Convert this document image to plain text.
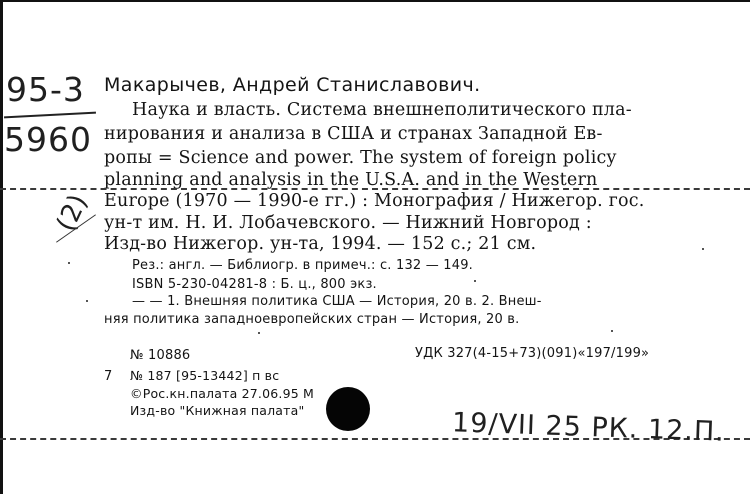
95-3
5960
(2)
Макарычев, Андрей Станиславович.
Наука и власть. Система внешнеполитического пла-
нирования и анализа в США и странах Западной Ев-
ропы = Science and power. The system of foreign policy
planning and analysis in the U.S.A. and in the Western
Europe (1970 — 1990-е гг.) : Монография / Нижегор. гос.
ун-т им. Н. И. Лобачевского. — Нижний Новгород :
Изд-во Нижегор. ун-та, 1994. — 152 с.; 21 см.
Рез.: англ. — Библиогр. в примеч.: с. 132 — 149.
ISBN 5-230-04281-8 : Б. ц., 800 экз.
— — 1. Внешняя политика США — История, 20 в. 2. Внеш-
няя политика западноевропейских стран — История, 20 в.
№ 10886	УДК 327(4-15+73)(091)«197/199»
7 № 187 [95-13442] п вс
©Рос.кн.палата 27.06.95 М
Изд-во "Книжная палата"	19/VII 25 РК. 12.П.
